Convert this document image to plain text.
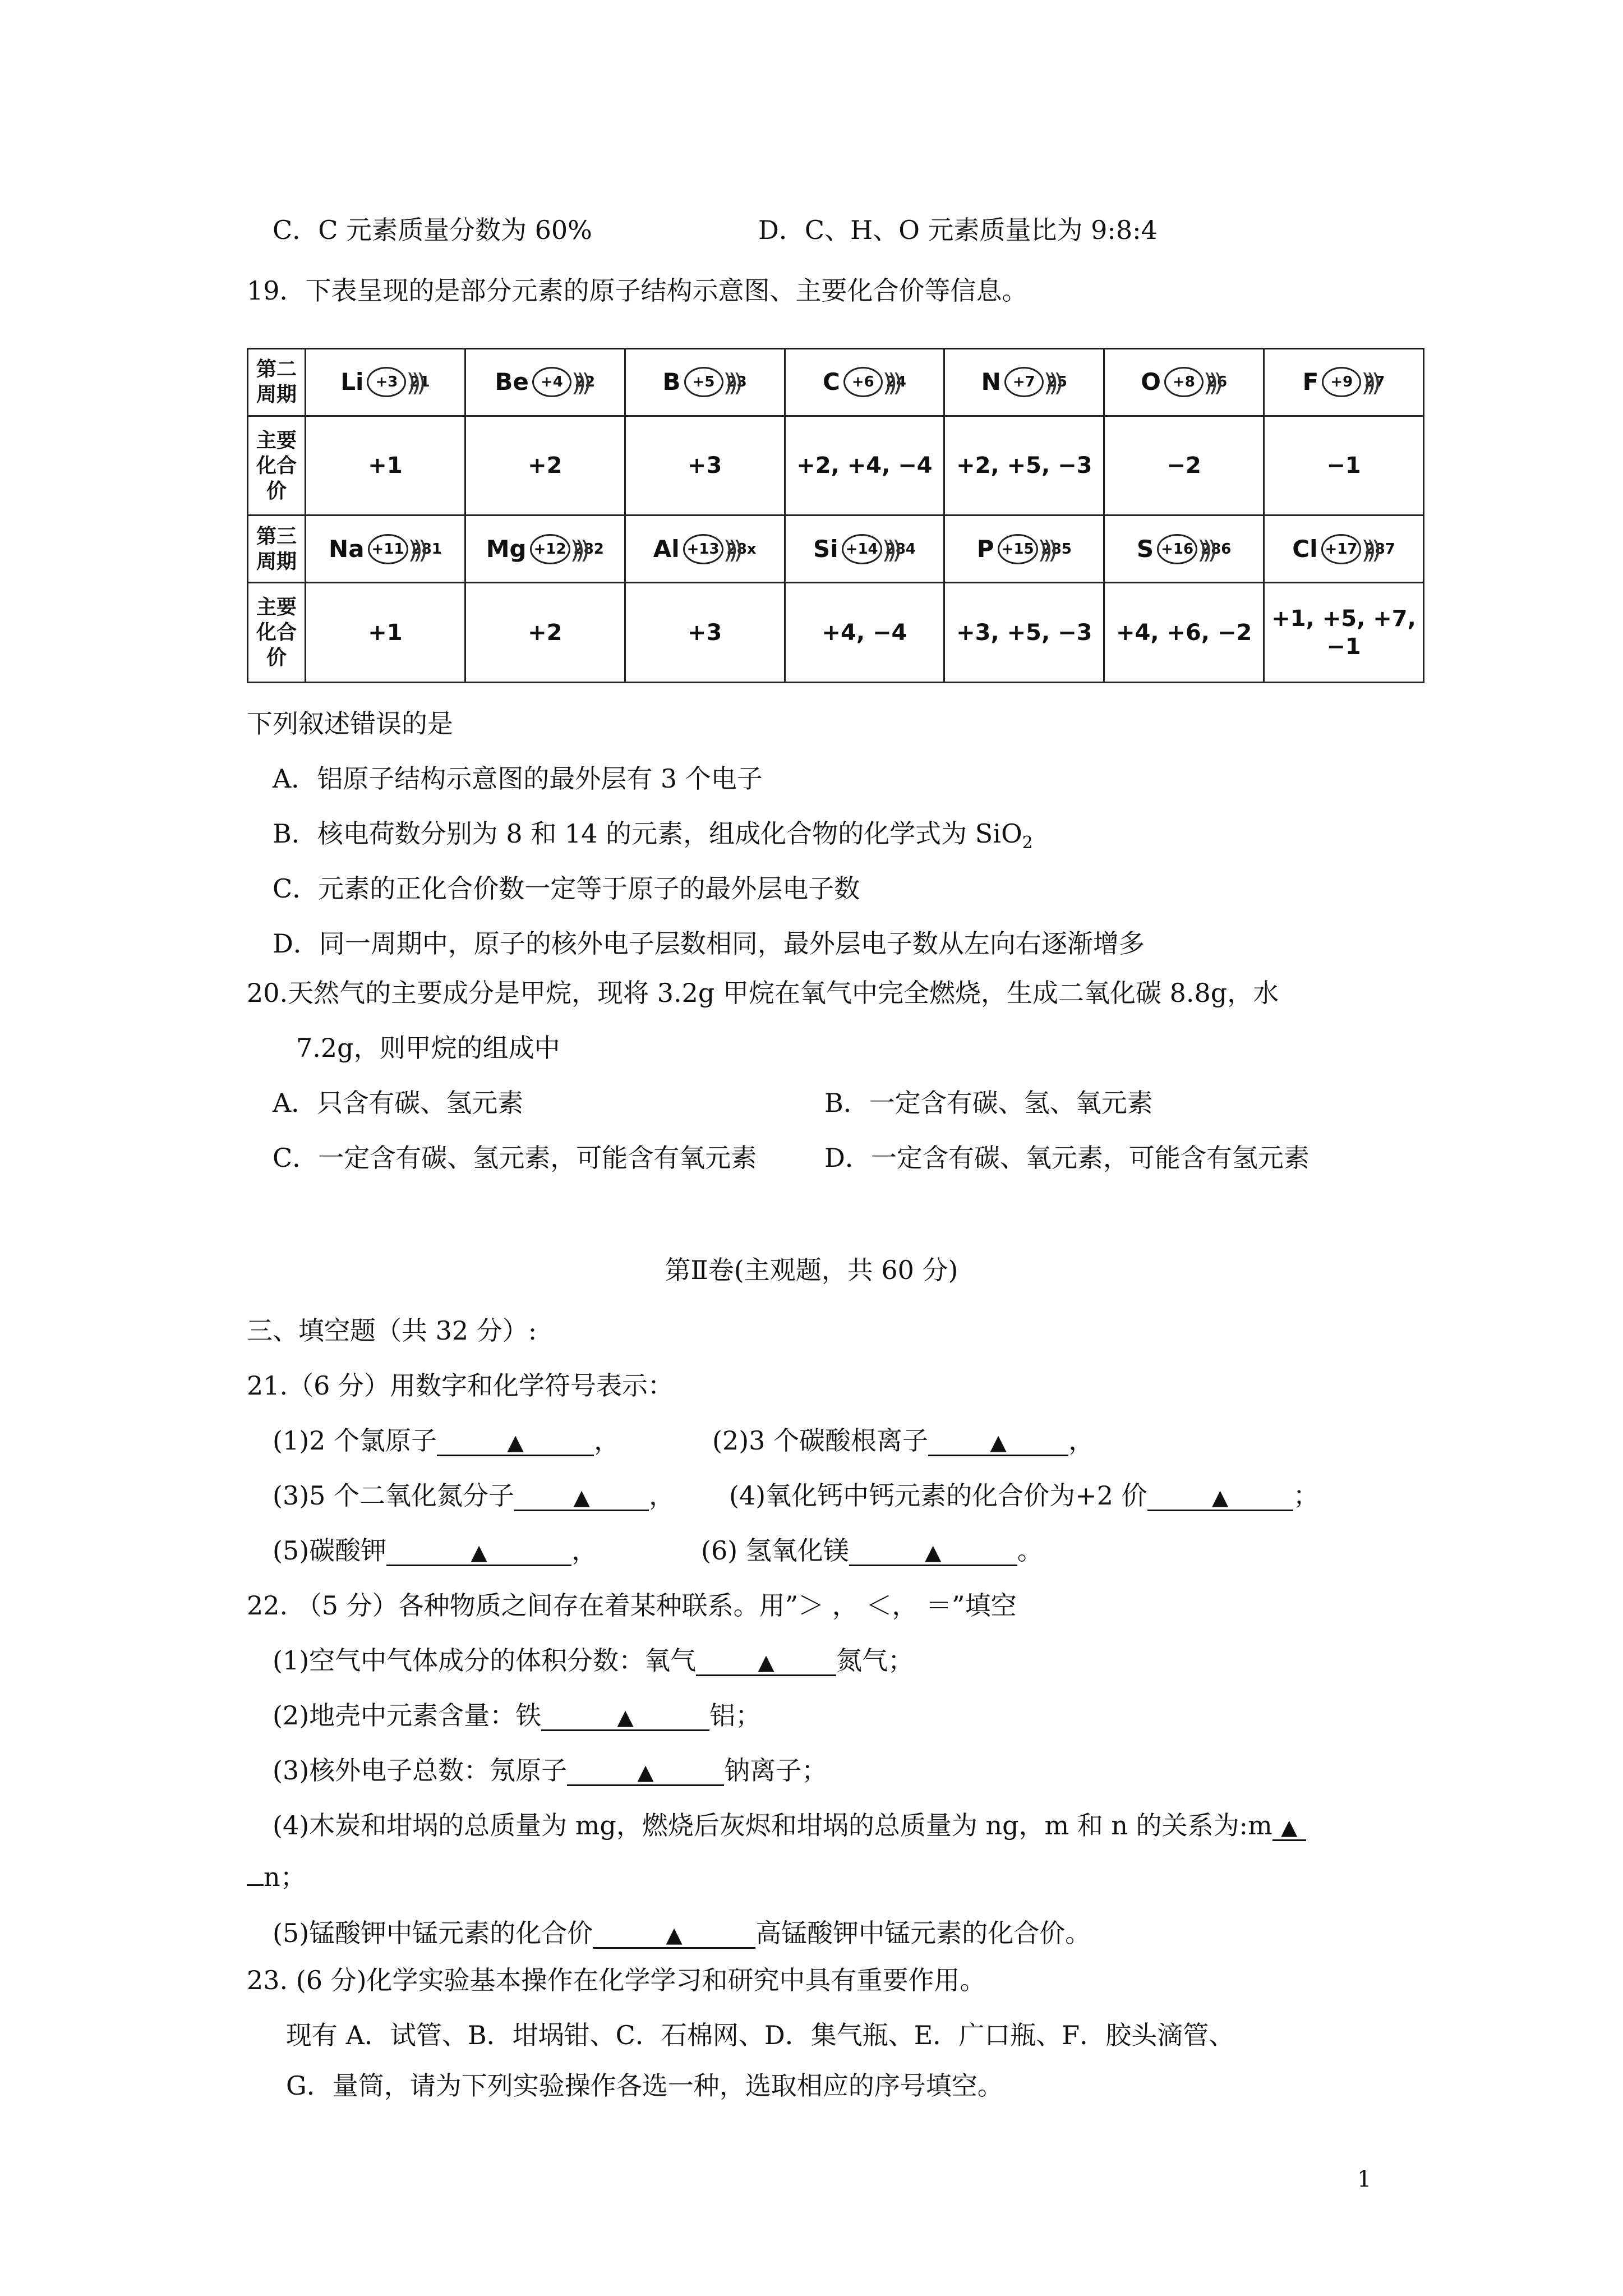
C．C 元素质量分数为 60%	D．C、H、O 元素质量比为 9:8:4
19．下表呈现的是部分元素的原子结构示意图、主要化合价等信息。
第二周期	Li +3 21 )))	Be +4 22 )))	B +5 23 )))	C +6 24 )))	N +7 25 )))	O +8 26 )))	F +9 27 )))

主要化合价	+1	+2	+3	+2, +4, −4	+2, +5, −3	−2	−1
第三周期	Na +11 281 )))	Mg +12 282 )))	Al +13 28x )))	Si +14 284 )))	P +15 285 )))	S +16 286 )))	Cl +17 287 )))

主要化合价	+1	+2	+3	+4, −4	+3, +5, −3	+4, +6, −2	+1, +5, +7, −1
下列叙述错误的是
A．铝原子结构示意图的最外层有 3 个电子
B．核电荷数分别为 8 和 14 的元素，组成化合物的化学式为 SiO$_2$
C．元素的正化合价数一定等于原子的最外层电子数
D．同一周期中，原子的核外电子层数相同，最外层电子数从左向右逐渐增多
20.天然气的主要成分是甲烷，现将 3.2g 甲烷在氧气中完全燃烧，生成二氧化碳 8.8g，水
7.2g，则甲烷的组成中
A．只含有碳、氢元素	B．一定含有碳、氢、氧元素
C．一定含有碳、氢元素，可能含有氧元素	D．一定含有碳、氧元素，可能含有氢元素
第Ⅱ卷(主观题，共 60 分)
三、填空题（共 32 分）:
21.（6 分）用数字和化学符号表示：
(1)2 个氯原子	▲	，	(2)3 个碳酸根离子	▲ ，
(3)5 个二氧化氮分子	▲ ， (4)氧化钙中钙元素的化合价为+2 价	▲	；
(5)碳酸钾	▲	，	(6) 氢氧化镁	▲	。
22. （5 分）各种物质之间存在着某种联系。用”＞ ， ＜， ＝”填空
(1)空气中气体成分的体积分数：氧气	▲ 氮气；
(2)地壳中元素含量：铁	▲	铝；
(3)核外电子总数：氖原子	▲	钠离子；
(4)木炭和坩埚的总质量为 mg，燃烧后灰烬和坩埚的总质量为 ng，m 和 n 的关系为:m ▲
n；
(5)锰酸钾中锰元素的化合价	▲	高锰酸钾中锰元素的化合价。
23. (6 分)化学实验基本操作在化学学习和研究中具有重要作用。
现有 A．试管、B．坩埚钳、C．石棉网、D．集气瓶、E．广口瓶、F．胶头滴管、
G．量筒，请为下列实验操作各选一种，选取相应的序号填空。
1
